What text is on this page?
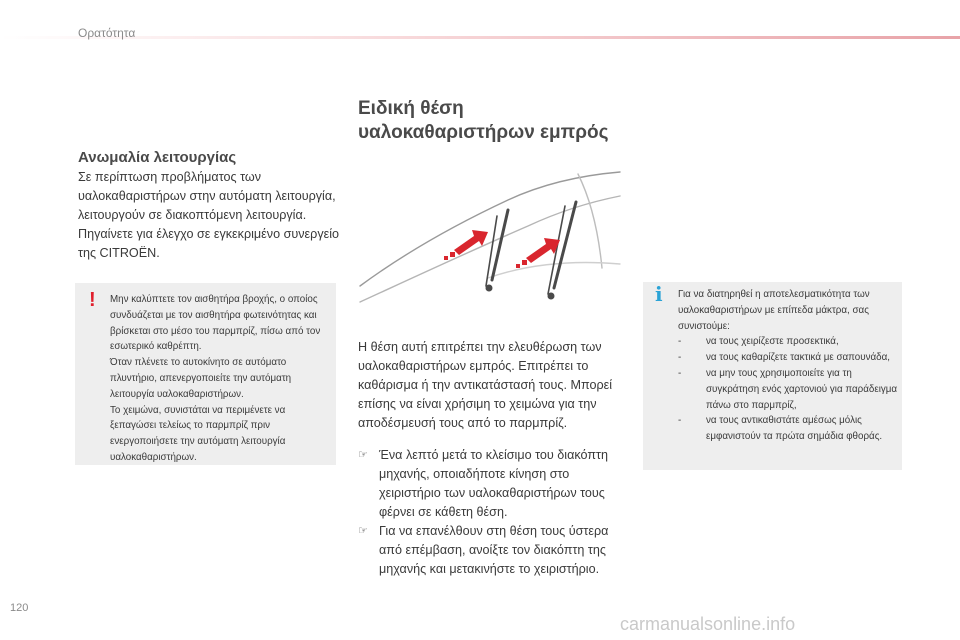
Ορατότητα
Ειδική θέση
υαλοκαθαριστήρων εμπρός
Ανωμαλία λειτουργίας
Σε περίπτωση προβλήματος των υαλοκαθαριστήρων στην αυτόματη λειτουργία, λειτουργούν σε διακοπτόμενη λειτουργία. Πηγαίνετε για έλεγχο σε εγκεκριμένο συνεργείο της CITROËN.
! Μην καλύπτετε τον αισθητήρα βροχής, ο οποίος συνδυάζεται με τον αισθητήρα φωτεινότητας και βρίσκεται στο μέσο του παρμπρίζ, πίσω από τον εσωτερικό καθρέπτη.
Όταν πλένετε το αυτοκίνητο σε αυτόματο πλυντήριο, απενεργοποιείτε την αυτόματη λειτουργία υαλοκαθαριστήρων.
Το χειμώνα, συνιστάται να περιμένετε να ξεπαγώσει τελείως το παρμπρίζ πριν ενεργοποιήσετε την αυτόματη λειτουργία υαλοκαθαριστήρων.
Η θέση αυτή επιτρέπει την ελευθέρωση των υαλοκαθαριστήρων εμπρός. Επιτρέπει το καθάρισμα ή την αντικατάστασή τους. Μπορεί επίσης να είναι χρήσιμη το χειμώνα για την αποδέσμευσή τους από το παρμπρίζ.
☞ Ένα λεπτό μετά το κλείσιμο του διακόπτη μηχανής, οποιαδήποτε κίνηση στο χειριστήριο των υαλοκαθαριστήρων τους φέρνει σε κάθετη θέση.
☞ Για να επανέλθουν στη θέση τους ύστερα από επέμβαση, ανοίξτε τον διακόπτη της μηχανής και μετακινήστε το χειριστήριο.
i Για να διατηρηθεί η αποτελεσματικότητα των υαλοκαθαριστήρων με επίπεδα μάκτρα, σας συνιστούμε:
-	να τους χειρίζεστε προσεκτικά,
-	να τους καθαρίζετε τακτικά με σαπουνάδα,
-	να μην τους χρησιμοποιείτε για τη συγκράτηση ενός χαρτονιού για παράδειγμα πάνω στο παρμπρίζ,
-	να τους αντικαθιστάτε αμέσως μόλις εμφανιστούν τα πρώτα σημάδια φθοράς.
120
carmanualsonline.info
